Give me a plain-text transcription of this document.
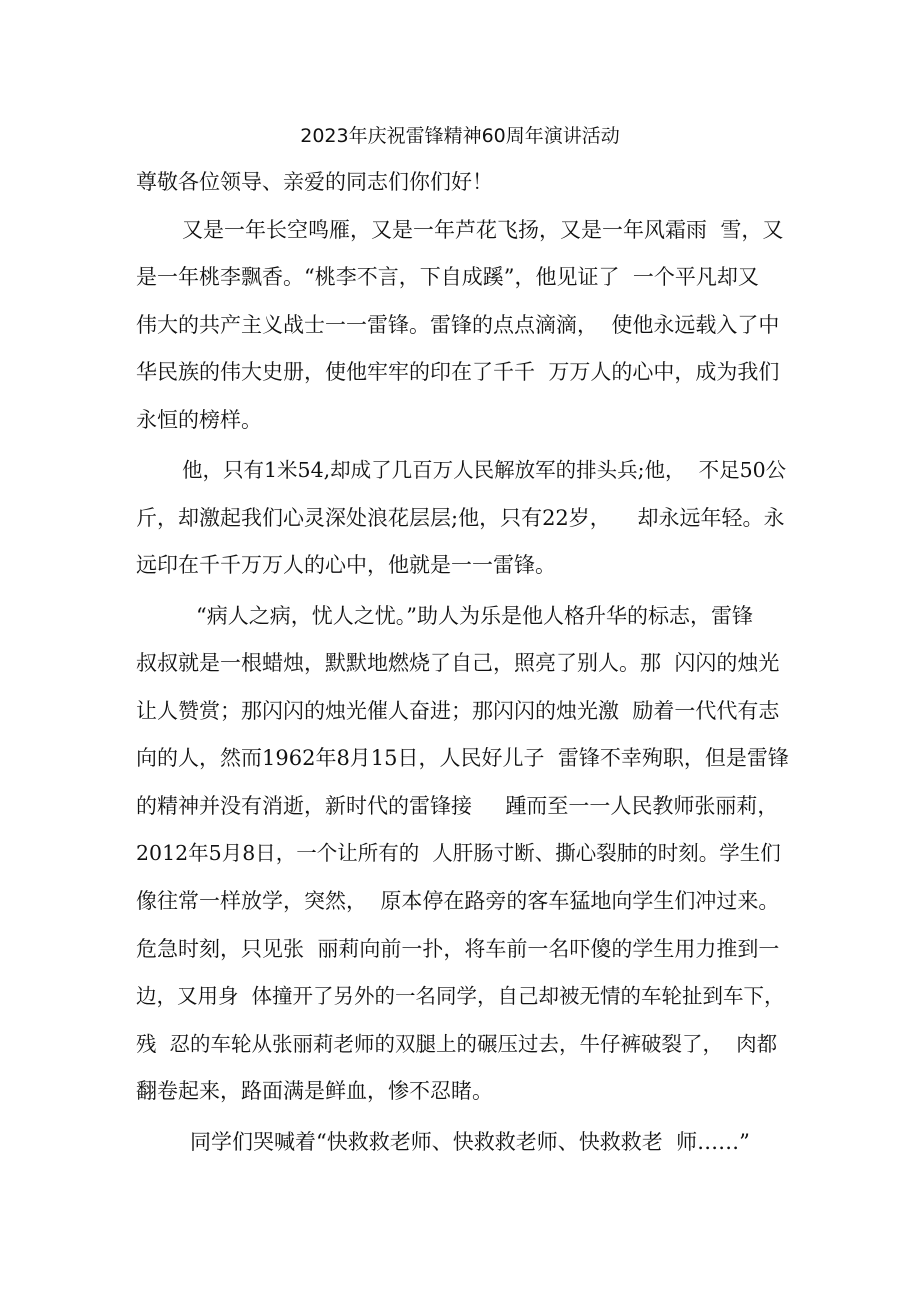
2023年庆祝雷锋精神60周年演讲活动
尊敬各位领导、亲爱的同志们你们好！
又是一年长空鸣雁，又是一年芦花飞扬，又是一年风霜雨  雪，又
是一年桃李飘香。“桃李不言，下自成蹊”，他见证了  一个平凡却又
伟大的共产主义战士一一雷锋。雷锋的点点滴滴，  使他永远载入了中
华民族的伟大史册，使他牢牢的印在了千千  万万人的心中，成为我们
永恒的榜样。
他，只有1米54,却成了几百万人民解放军的排头兵;他，  不足50公
斤，却激起我们心灵深处浪花层层;他，只有22岁，    却永远年轻。永
远印在千千万万人的心中，他就是一一雷锋。
“病人之病，忧人之忧。”助人为乐是他人格升华的标志，雷锋
叔叔就是一根蜡烛，默默地燃烧了自己，照亮了别人。那  闪闪的烛光
让人赞赏；那闪闪的烛光催人奋进；那闪闪的烛光激  励着一代代有志
向的人，然而1962年8月15日，人民好儿子  雷锋不幸殉职，但是雷锋
的精神并没有消逝，新时代的雷锋接     踵而至一一人民教师张丽莉，
2012年5月8日，一个让所有的  人肝肠寸断、撕心裂肺的时刻。学生们
像往常一样放学，突然，  原本停在路旁的客车猛地向学生们冲过来。
危急时刻，只见张  丽莉向前一扑，将车前一名吓傻的学生用力推到一
边，又用身  体撞开了另外的一名同学，自己却被无情的车轮扯到车下，
残  忍的车轮从张丽莉老师的双腿上的碾压过去，牛仔裤破裂了，  肉都
翻卷起来，路面满是鲜血，惨不忍睹。
同学们哭喊着“快救救老师、快救救老师、快救救老  师……”
